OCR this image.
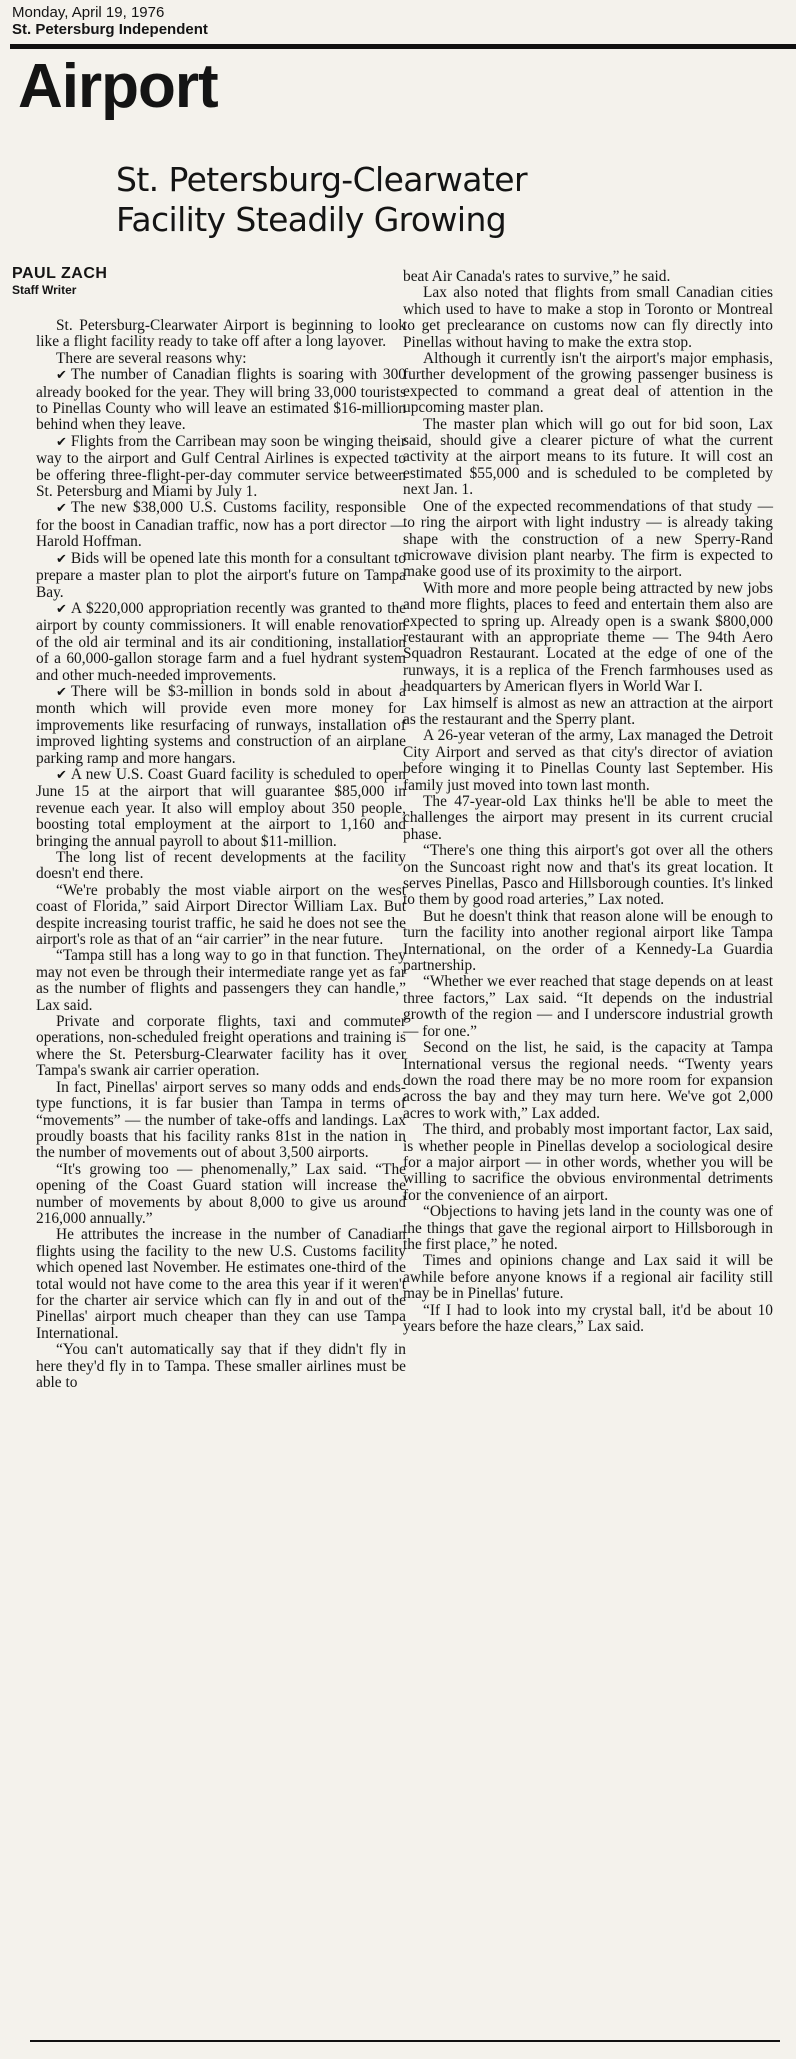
Monday, April 19, 1976
St. Petersburg Independent
Airport
St. Petersburg-Clearwater
Facility Steadily Growing
PAUL ZACH
Staff Writer

St. Petersburg-Clearwater Airport is beginning to look like a flight facility ready to take off after a long layover.

There are several reasons why:

✔ The number of Canadian flights is soaring with 300 already booked for the year. They will bring 33,000 tourists to Pinellas County who will leave an estimated $16-million behind when they leave.

✔ Flights from the Carribean may soon be winging their way to the airport and Gulf Central Airlines is expected to be offering three-flight-per-day commuter service between St. Petersburg and Miami by July 1.

✔ The new $38,000 U.S. Customs facility, responsible for the boost in Canadian traffic, now has a port director — Harold Hoffman.

✔ Bids will be opened late this month for a consultant to prepare a master plan to plot the airport's future on Tampa Bay.

✔ A $220,000 appropriation recently was granted to the airport by county commissioners. It will enable renovation of the old air terminal and its air conditioning, installation of a 60,000-gallon storage farm and a fuel hydrant system and other much-needed improvements.

✔ There will be $3-million in bonds sold in about a month which will provide even more money for improvements like resurfacing of runways, installation of improved lighting systems and construction of an airplane parking ramp and more hangars.

✔ A new U.S. Coast Guard facility is scheduled to open June 15 at the airport that will guarantee $85,000 in revenue each year. It also will employ about 350 people, boosting total employment at the airport to 1,160 and bringing the annual payroll to about $11-million.

The long list of recent developments at the facility doesn't end there.

“We're probably the most viable airport on the west coast of Florida,” said Airport Director William Lax. But despite increasing tourist traffic, he said he does not see the airport's role as that of an “air carrier” in the near future.

“Tampa still has a long way to go in that function. They may not even be through their intermediate range yet as far as the number of flights and passengers they can handle,” Lax said.

Private and corporate flights, taxi and commuter operations, non-scheduled freight operations and training is where the St. Petersburg-Clearwater facility has it over Tampa's swank air carrier operation.

In fact, Pinellas' airport serves so many odds and ends-type functions, it is far busier than Tampa in terms of “movements” — the number of take-offs and landings. Lax proudly boasts that his facility ranks 81st in the nation in the number of movements out of about 3,500 airports.

“It's growing too — phenomenally,” Lax said. “The opening of the Coast Guard station will increase the number of movements by about 8,000 to give us around 216,000 annually.”

He attributes the increase in the number of Canadian flights using the facility to the new U.S. Customs facility which opened last November. He estimates one-third of the total would not have come to the area this year if it weren't for the charter air service which can fly in and out of the Pinellas' airport much cheaper than they can use Tampa International.

“You can't automatically say that if they didn't fly in here they'd fly in to Tampa. These smaller airlines must be able to

beat Air Canada's rates to survive,” he said.

Lax also noted that flights from small Canadian cities which used to have to make a stop in Toronto or Montreal to get preclearance on customs now can fly directly into Pinellas without having to make the extra stop.

Although it currently isn't the airport's major emphasis, further development of the growing passenger business is expected to command a great deal of attention in the upcoming master plan.

The master plan which will go out for bid soon, Lax said, should give a clearer picture of what the current activity at the airport means to its future. It will cost an estimated $55,000 and is scheduled to be completed by next Jan. 1.

One of the expected recommendations of that study — to ring the airport with light industry — is already taking shape with the construction of a new Sperry-Rand microwave division plant nearby. The firm is expected to make good use of its proximity to the airport.

With more and more people being attracted by new jobs and more flights, places to feed and entertain them also are expected to spring up. Already open is a swank $800,000 restaurant with an appropriate theme — The 94th Aero Squadron Restaurant. Located at the edge of one of the runways, it is a replica of the French farmhouses used as headquarters by American flyers in World War I.

Lax himself is almost as new an attraction at the airport as the restaurant and the Sperry plant.

A 26-year veteran of the army, Lax managed the Detroit City Airport and served as that city's director of aviation before winging it to Pinellas County last September. His family just moved into town last month.

The 47-year-old Lax thinks he'll be able to meet the challenges the airport may present in its current crucial phase.

“There's one thing this airport's got over all the others on the Suncoast right now and that's its great location. It serves Pinellas, Pasco and Hillsborough counties. It's linked to them by good road arteries,” Lax noted.

But he doesn't think that reason alone will be enough to turn the facility into another regional airport like Tampa International, on the order of a Kennedy-La Guardia partnership.

“Whether we ever reached that stage depends on at least three factors,” Lax said. “It depends on the industrial growth of the region — and I underscore industrial growth — for one.”

Second on the list, he said, is the capacity at Tampa International versus the regional needs. “Twenty years down the road there may be no more room for expansion across the bay and they may turn here. We've got 2,000 acres to work with,” Lax added.

The third, and probably most important factor, Lax said, is whether people in Pinellas develop a sociological desire for a major airport — in other words, whether you will be willing to sacrifice the obvious environmental detriments for the convenience of an airport.

“Objections to having jets land in the county was one of the things that gave the regional airport to Hillsborough in the first place,” he noted.

Times and opinions change and Lax said it will be awhile before anyone knows if a regional air facility still may be in Pinellas' future.

“If I had to look into my crystal ball, it'd be about 10 years before the haze clears,” Lax said.
